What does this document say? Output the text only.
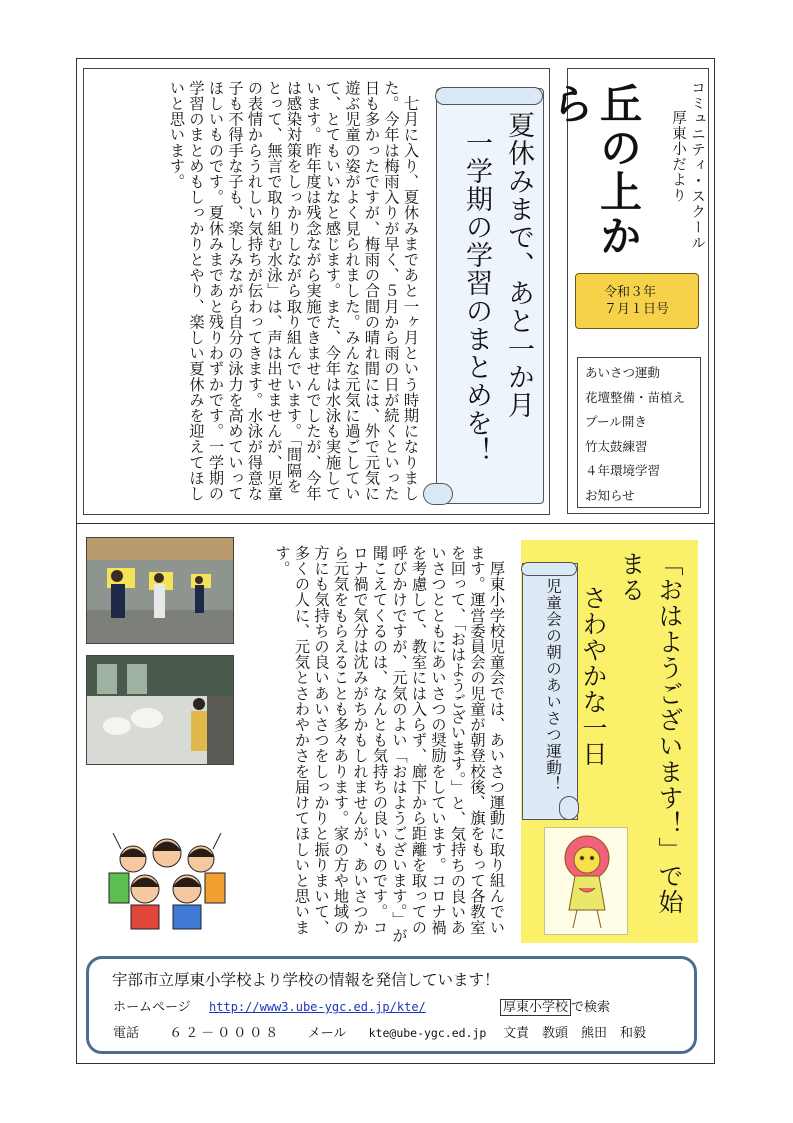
　七月に入り、夏休みまであと一ヶ月という時期になりました。今年は梅雨入りが早く、５月から雨の日が続くといった日も多かったですが、梅雨の合間の晴れ間には、外で元気に遊ぶ児童の姿がよく見られました。みんな元気に過ごしていて、とてもいいなと感じます。また、今年は水泳も実施しています。昨年度は残念ながら実施できませんでしたが、今年は感染対策をしっかりしながら取り組んでいます。「間隔をとって、無言で取り組む水泳」は、声は出せませんが、児童の表情からうれしい気持ちが伝わってきます。水泳が得意な子も不得手な子も、楽しみながら自分の泳力を高めていってほしいものです。夏休みまであと残りわずかです。一学期の学習のまとめもしっかりとやり、楽しい夏休みを迎えてほしいと思います。	夏休みまで、あと一か月
一学期の学習のまとめを！	コミュニティ・スクール
厚東小だより
丘の上から
令和３年
７月１日号
あいさつ運動
花壇整備・苗植え
プール開き
竹太鼓練習
４年環境学習
お知らせ
　厚東小学校児童会では、あいさつ運動に取り組んでいます。運営委員会の児童が朝登校後、旗をもって各教室を回って、「おはようございます。」と、気持ちの良いあいさつとともにあいさつの奨励をしています。コロナ禍を考慮して、教室には入らず、廊下から距離を取っての呼びかけですが、元気のよい「おはようございます。」が聞こえてくるのは、なんとも気持ちの良いものです。コロナ禍で気分は沈みがちかもしれませんが、あいさつから元気をもらえることも多々あります。家の方や地域の方にも気持ちの良いあいさつをしっかりと振りまいて、多くの人に、元気とさわやかさを届けてほしいと思います。
児童会の朝のあいさつ運動！	「おはようございます！」で始まる
さわやかな一日
宇部市立厚東小学校より学校の情報を発信しています！
ホームページ http://www3.ube-ygc.ed.jp/kte/
電話 ６２－０００８ メール kte@ube-ygc.ed.jp
厚東小学校 で検索
文責　教頭　熊田　和毅
